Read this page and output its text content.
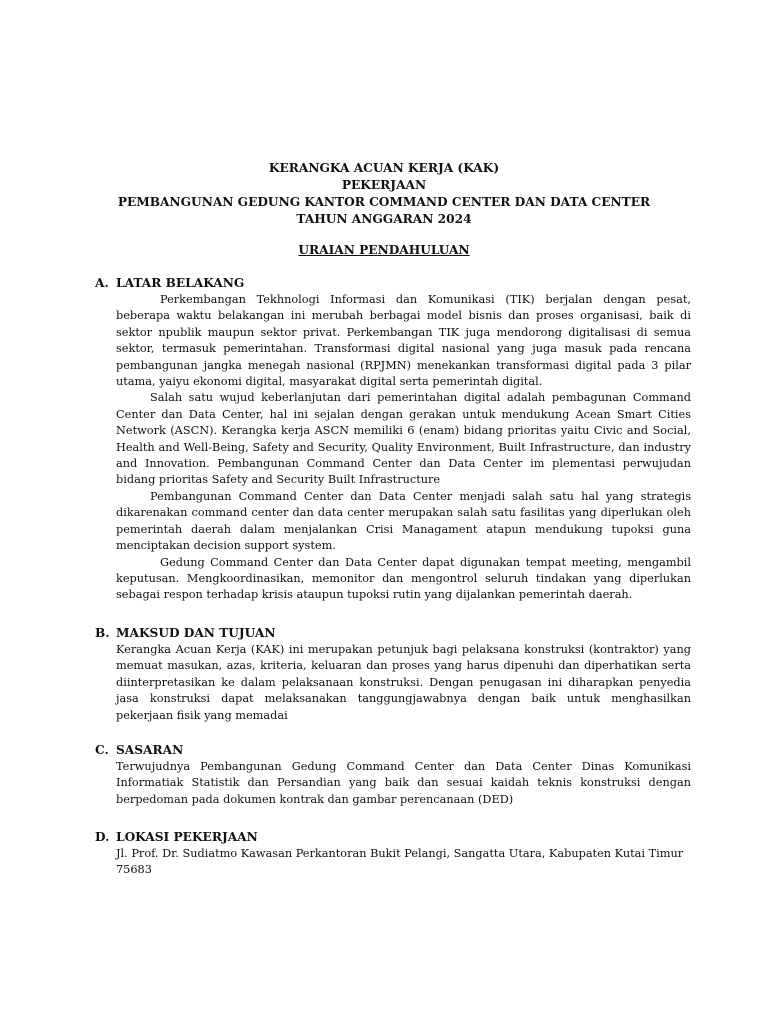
KERANGKA ACUAN KERJA (KAK)
PEKERJAAN
PEMBANGUNAN GEDUNG KANTOR COMMAND CENTER DAN DATA CENTER
TAHUN ANGGARAN 2024
URAIAN PENDAHULUAN
A. LATAR BELAKANG

Perkembangan Tekhnologi Informasi dan Komunikasi (TIK) berjalan dengan pesat, beberapa waktu belakangan ini merubah berbagai model bisnis dan proses organisasi, baik di sektor npublik maupun sektor privat. Perkembangan TIK juga mendorong digitalisasi di semua sektor, termasuk pemerintahan. Transformasi digital nasional yang juga masuk pada rencana pembangunan jangka menegah nasional (RPJMN) menekankan transformasi digital pada 3 pilar utama, yaiyu ekonomi digital, masyarakat digital serta pemerintah digital.

Salah satu wujud keberlanjutan dari pemerintahan digital adalah pembagunan Command Center dan Data Center, hal ini sejalan dengan gerakan untuk mendukung Acean Smart Cities Network (ASCN). Kerangka kerja ASCN memiliki 6 (enam) bidang prioritas yaitu Civic and Social, Health and Well-Being, Safety and Security, Quality Environment, Built Infrastructure, dan industry and Innovation. Pembangunan Command Center dan Data Center im plementasi perwujudan bidang prioritas Safety and Security Built Infrastructure

Pembangunan Command Center dan Data Center menjadi salah satu hal yang strategis dikarenakan command center dan data center merupakan salah satu fasilitas yang diperlukan oleh pemerintah daerah dalam menjalankan Crisi Managament atapun mendukung tupoksi guna menciptakan decision support system.

Gedung Command Center dan Data Center dapat digunakan tempat meeting, mengambil keputusan. Mengkoordinasikan, memonitor dan mengontrol seluruh tindakan yang diperlukan sebagai respon terhadap krisis ataupun tupoksi rutin yang dijalankan pemerintah daerah.

B. MAKSUD DAN TUJUAN

Kerangka Acuan Kerja (KAK) ini merupakan petunjuk bagi pelaksana konstruksi (kontraktor) yang memuat masukan, azas, kriteria, keluaran dan proses yang harus dipenuhi dan diperhatikan serta diinterpretasikan ke dalam pelaksanaan konstruksi. Dengan penugasan ini diharapkan penyedia jasa konstruksi dapat melaksanakan tanggungjawabnya dengan baik untuk menghasilkan pekerjaan fisik yang memadai

C. SASARAN

Terwujudnya Pembangunan Gedung Command Center dan Data Center Dinas Komunikasi Informatiak Statistik dan Persandian yang baik dan sesuai kaidah teknis konstruksi dengan berpedoman pada dokumen kontrak dan gambar perencanaan (DED)

D. LOKASI PEKERJAAN

Jl. Prof. Dr. Sudiatmo Kawasan Perkantoran Bukit Pelangi, Sangatta Utara, Kabupaten Kutai Timur 75683
